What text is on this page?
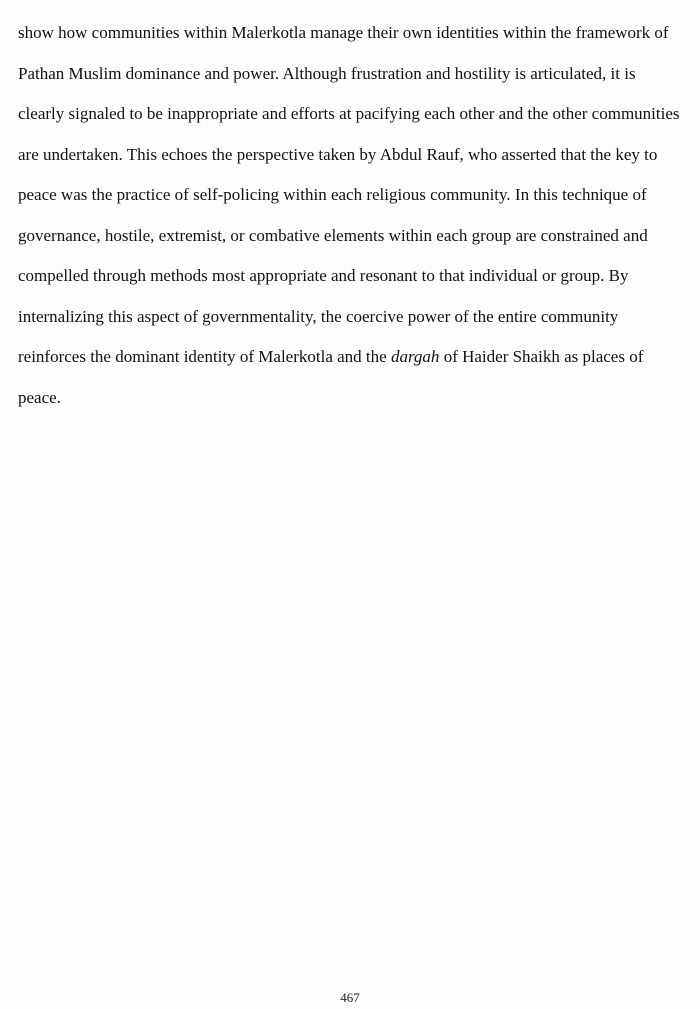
show how communities within Malerkotla manage their own identities within the framework of
Pathan Muslim dominance and power. Although frustration and hostility is articulated, it is
clearly signaled to be inappropriate and efforts at pacifying each other and the other communities
are undertaken. This echoes the perspective taken by Abdul Rauf, who asserted that the key to
peace was the practice of self-policing within each religious community. In this technique of
governance, hostile, extremist, or combative elements within each group are constrained and
compelled through methods most appropriate and resonant to that individual or group. By
internalizing this aspect of governmentality, the coercive power of the entire community
reinforces the dominant identity of Malerkotla and the dargah of Haider Shaikh as places of
peace.
467
